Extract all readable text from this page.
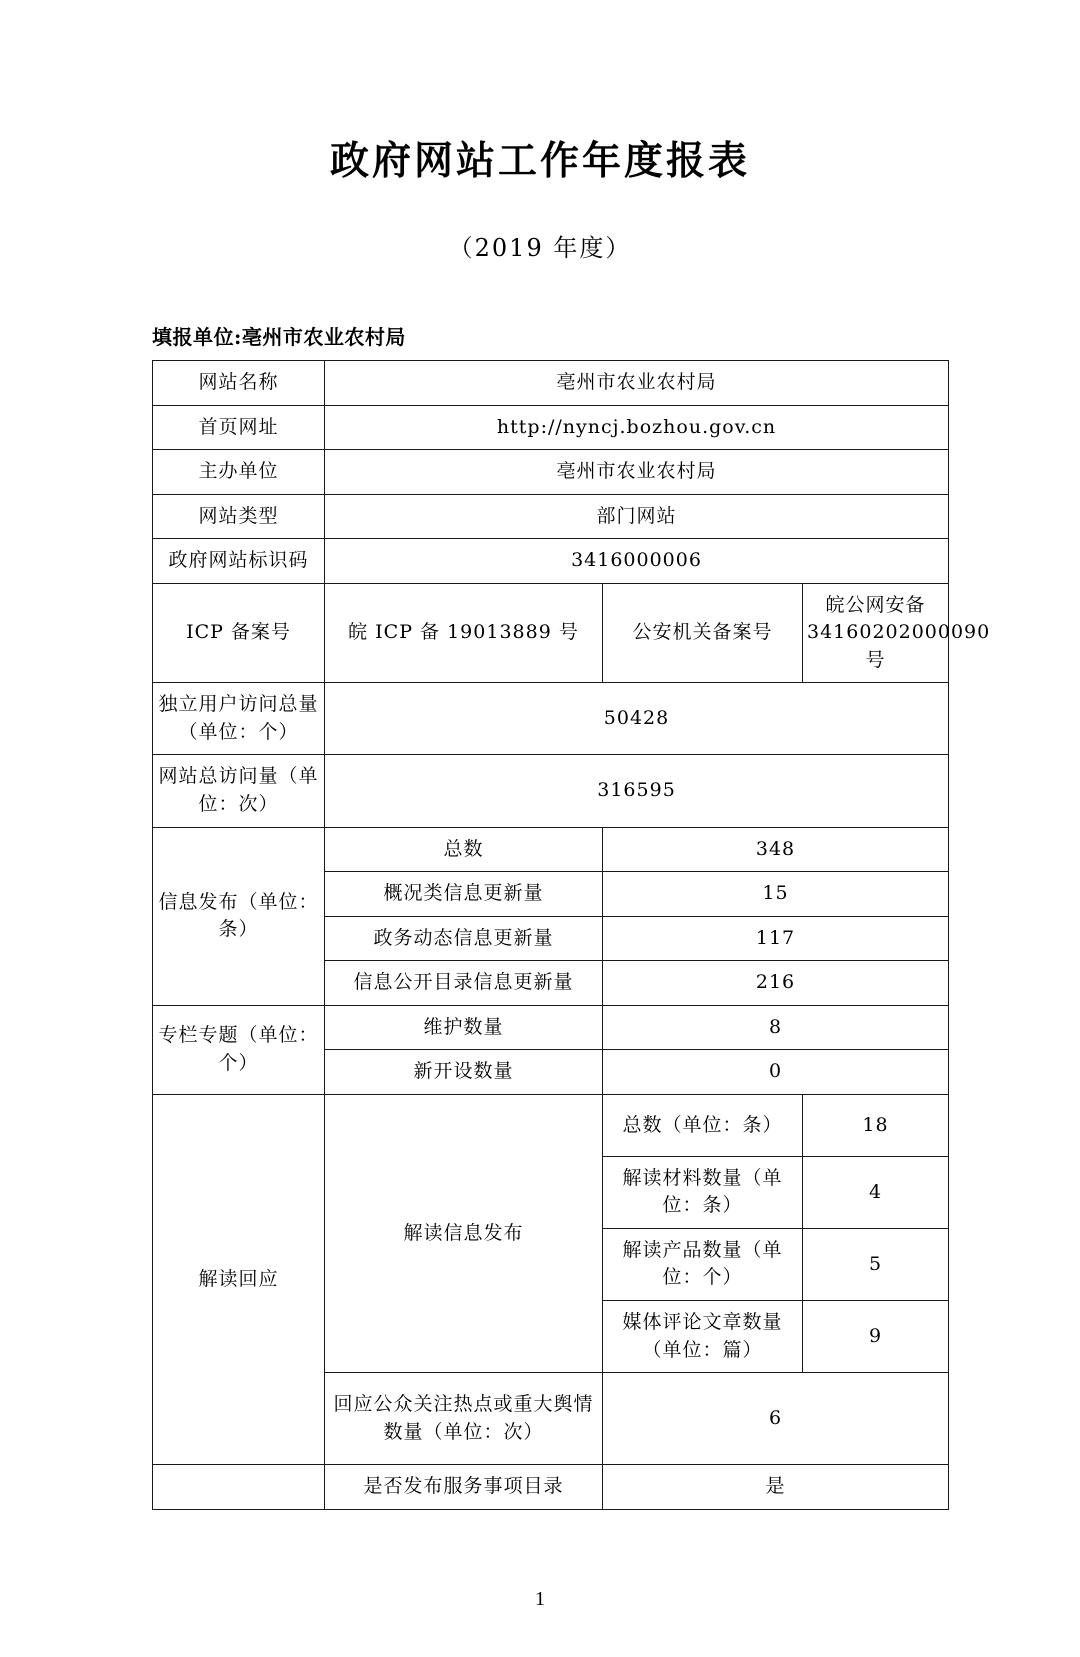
政府网站工作年度报表
（2019 年度）
填报单位:亳州市农业农村局
网站名称	亳州市农业农村局		
首页网址	http://nyncj.bozhou.gov.cn		
主办单位	亳州市农业农村局		
网站类型	部门网站		
政府网站标识码	3416000006		
ICP 备案号	皖 ICP 备 19013889 号	公安机关备案号	皖公网安备 34160202000090 号
独立用户访问总量（单位：个）	50428		
网站总访问量（单位：次）	316595		
信息发布（单位：条）	总数	348	
	概况类信息更新量	15	
	政务动态信息更新量	117	
	信息公开目录信息更新量	216	
专栏专题（单位：个）	维护数量	8	
	新开设数量	0	
解读回应	解读信息发布	总数（单位：条）	18
		解读材料数量（单位：条）	4
		解读产品数量（单位：个）	5
		媒体评论文章数量（单位：篇）	9
	回应公众关注热点或重大舆情数量（单位：次）	6	
	是否发布服务事项目录	是	
1
